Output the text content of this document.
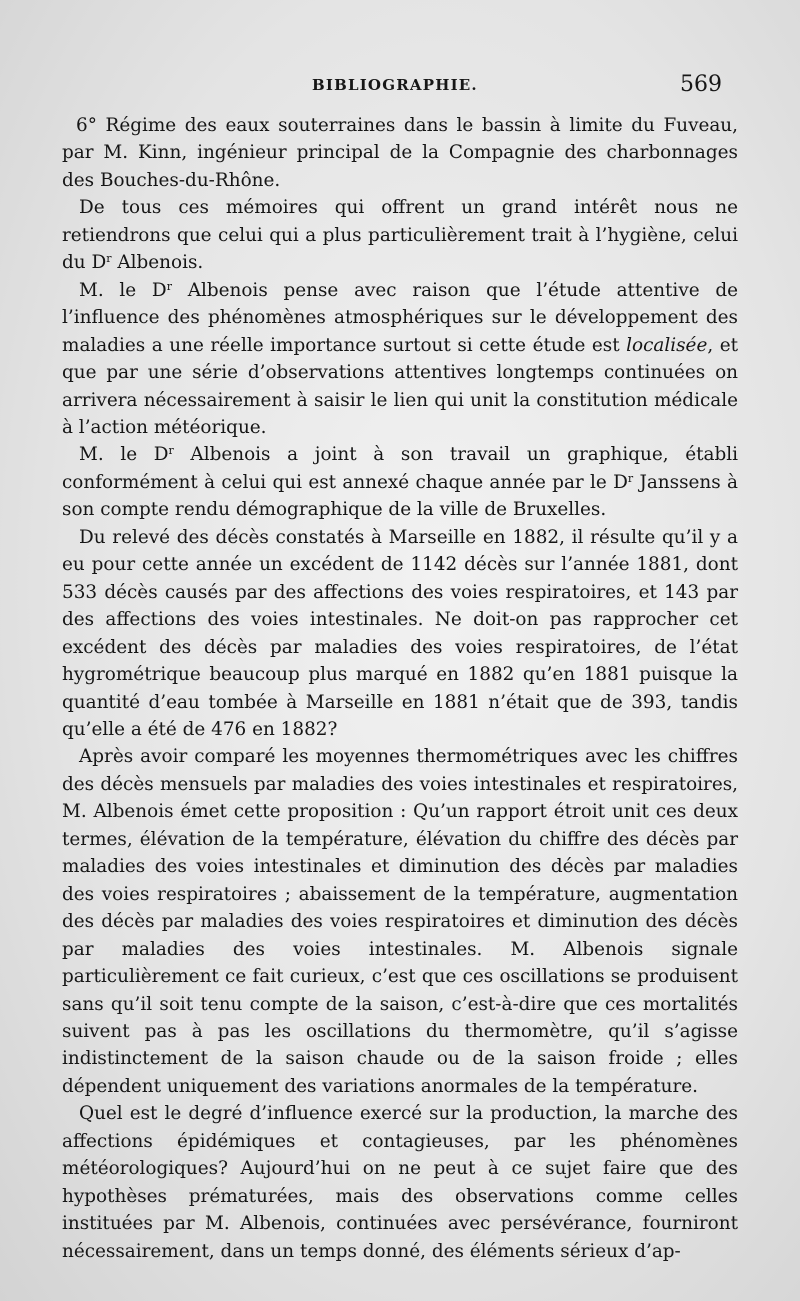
BIBLIOGRAPHIE.	569

6° Régime des eaux souterraines dans le bassin à limite du Fuveau, par M. Kinn, ingénieur principal de la Compagnie des charbonnages des Bouches-du-Rhône.

De tous ces mémoires qui offrent un grand intérêt nous ne retiendrons que celui qui a plus particulièrement trait à l’hygiène, celui du $D^r$ Albenois.

M. le $D^r$ Albenois pense avec raison que l’étude attentive de l’influence des phénomènes atmosphériques sur le développement des maladies a une réelle importance surtout si cette étude est localisée, et que par une série d’observations attentives longtemps continuées on arrivera nécessairement à saisir le lien qui unit la constitution médicale à l’action météorique.

M. le $D^r$ Albenois a joint à son travail un graphique, établi conformément à celui qui est annexé chaque année par le $D^r$ Janssens à son compte rendu démographique de la ville de Bruxelles.

Du relevé des décès constatés à Marseille en 1882, il résulte qu’il y a eu pour cette année un excédent de 1142 décès sur l’année 1881, dont 533 décès causés par des affections des voies respiratoires, et 143 par des affections des voies intestinales. Ne doit-on pas rapprocher cet excédent des décès par maladies des voies respiratoires, de l’état hygrométrique beaucoup plus marqué en 1882 qu’en 1881 puisque la quantité d’eau tombée à Marseille en 1881 n’était que de 393, tandis qu’elle a été de 476 en 1882?

Après avoir comparé les moyennes thermométriques avec les chiffres des décès mensuels par maladies des voies intestinales et respiratoires, M. Albenois émet cette proposition : Qu’un rapport étroit unit ces deux termes, élévation de la température, élévation du chiffre des décès par maladies des voies intestinales et diminution des décès par maladies des voies respiratoires ; abaissement de la température, augmentation des décès par maladies des voies respiratoires et diminution des décès par maladies des voies intestinales. M. Albenois signale particulièrement ce fait curieux, c’est que ces oscillations se produisent sans qu’il soit tenu compte de la saison, c’est-à-dire que ces mortalités suivent pas à pas les oscillations du thermomètre, qu’il s’agisse indistinctement de la saison chaude ou de la saison froide ; elles dépendent uniquement des variations anormales de la température.

Quel est le degré d’influence exercé sur la production, la marche des affections épidémiques et contagieuses, par les phénomènes météorologiques? Aujourd’hui on ne peut à ce sujet faire que des hypothèses prématurées, mais des observations comme celles instituées par M. Albenois, continuées avec persévérance, fourniront nécessairement, dans un temps donné, des éléments sérieux d’ap-
